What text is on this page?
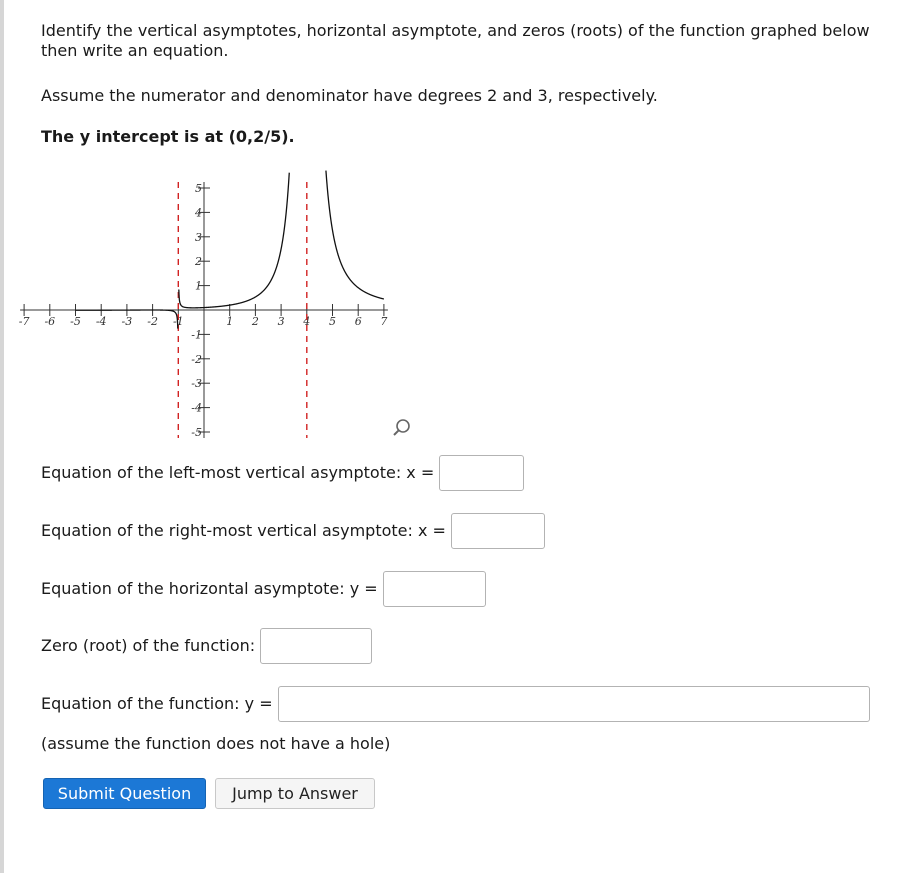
Identify the vertical asymptotes, horizontal asymptote, and zeros (roots) of the function graphed below
then write an equation.
Assume the numerator and denominator have degrees 2 and 3, respectively.
The y intercept is at (0,2/5).
-7 -6 -5 -4 -3 -2 -1	1 2 3 4 5 6 7
5
4
3
2
1
-1
-2
-3
-4
-5
Equation of the left-most vertical asymptote: x =
Equation of the right-most vertical asymptote: x =
Equation of the horizontal asymptote: y =
Zero (root) of the function:
Equation of the function: y =
(assume the function does not have a hole)
Submit Question	Jump to Answer
